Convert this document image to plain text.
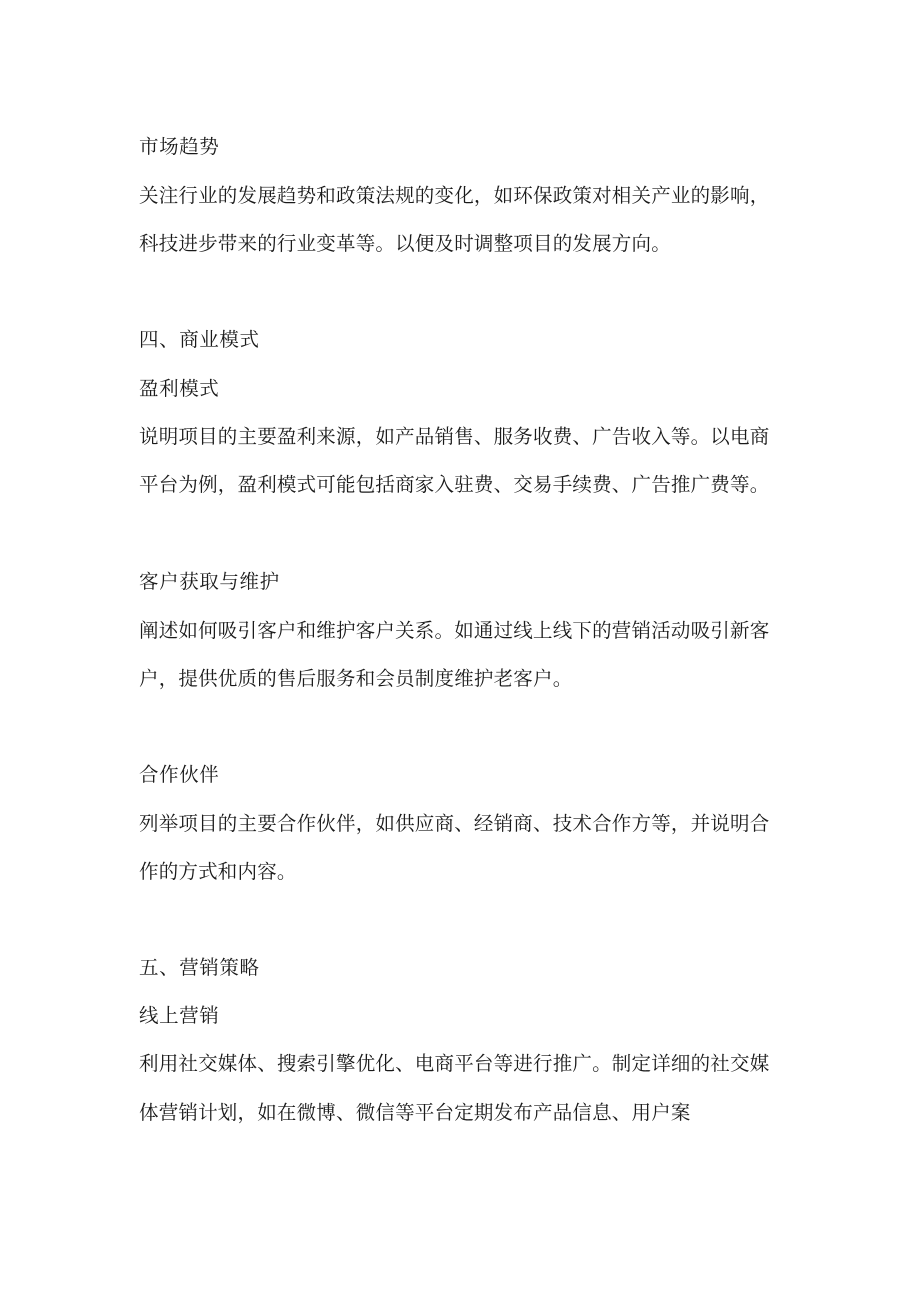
市场趋势
关注行业的发展趋势和政策法规的变化，如环保政策对相关产业的影响，
科技进步带来的行业变革等。以便及时调整项目的发展方向。
四、商业模式
盈利模式
说明项目的主要盈利来源，如产品销售、服务收费、广告收入等。以电商
平台为例，盈利模式可能包括商家入驻费、交易手续费、广告推广费等。
客户获取与维护
阐述如何吸引客户和维护客户关系。如通过线上线下的营销活动吸引新客
户，提供优质的售后服务和会员制度维护老客户。
合作伙伴
列举项目的主要合作伙伴，如供应商、经销商、技术合作方等，并说明合
作的方式和内容。
五、营销策略
线上营销
利用社交媒体、搜索引擎优化、电商平台等进行推广。制定详细的社交媒
体营销计划，如在微博、微信等平台定期发布产品信息、用户案
